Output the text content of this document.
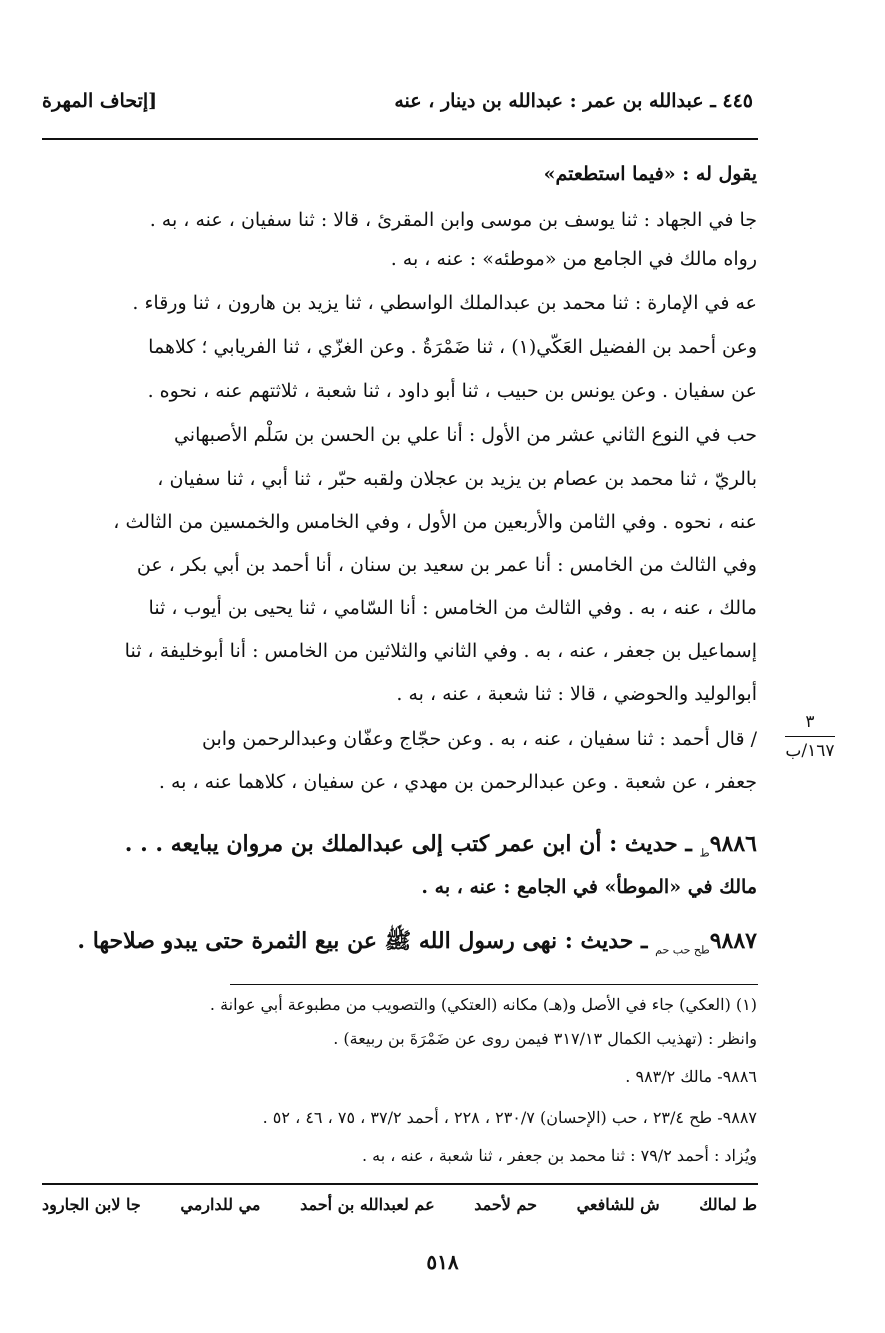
٤٤٥ ـ عبدالله بن عمر : عبدالله بن دينار ، عنه
[إتحاف المهرة
يقول له : «فيما استطعتم»
جا في الجهاد : ثنا يوسف بن موسى وابن المقرئ ، قالا : ثنا سفيان ، عنه ، به .
رواه مالك في الجامع من «موطئه» : عنه ، به .
عه في الإمارة : ثنا محمد بن عبدالملك الواسطي ، ثنا يزيد بن هارون ، ثنا ورقاء .
وعن أحمد بن الفضيل العَكّي(١) ، ثنا ضَمْرَةُ . وعن الغزّي ، ثنا الفريابي ؛ كلاهما
عن سفيان . وعن يونس بن حبيب ، ثنا أبو داود ، ثنا شعبة ، ثلاثتهم عنه ، نحوه .
حب في النوع الثاني عشر من الأول : أنا علي بن الحسن بن سَلْم الأصبهاني
بالريّ ، ثنا محمد بن عصام بن يزيد بن عجلان ولقبه حبّر ، ثنا أبي ، ثنا سفيان ،
عنه ، نحوه . وفي الثامن والأربعين من الأول ، وفي الخامس والخمسين من الثالث ،
وفي الثالث من الخامس : أنا عمر بن سعيد بن سنان ، أنا أحمد بن أبي بكر ، عن
مالك ، عنه ، به . وفي الثالث من الخامس : أنا السّامي ، ثنا يحيى بن أيوب ، ثنا
إسماعيل بن جعفر ، عنه ، به . وفي الثاني والثلاثين من الخامس : أنا أبوخليفة ، ثنا
أبوالوليد والحوضي ، قالا : ثنا شعبة ، عنه ، به .
/ قال أحمد : ثنا سفيان ، عنه ، به . وعن حجّاج وعفّان وعبدالرحمن وابن
جعفر ، عن شعبة . وعن عبدالرحمن بن مهدي ، عن سفيان ، كلاهما عنه ، به .
$٩٨٨٦_ط$ ـ حديث : أن ابن عمر كتب إلى عبدالملك بن مروان يبايعه . . .
مالك في «الموطأ» في الجامع : عنه ، به .
$٩٨٨٧_{طح حب حم}$ ـ حديث : نهى رسول الله ﷺ عن بيع الثمرة حتى يبدو صلاحها .
٣
١٦٧/ب
(١) (العكي) جاء في الأصل و(هـ) مكانه (العتكي) والتصويب من مطبوعة أبي عوانة .
وانظر : (تهذيب الكمال ٣١٧/١٣ فيمن روى عن ضَمْرَةَ بن ربيعة) .
٩٨٨٦- مالك ٩٨٣/٢ .
٩٨٨٧- طح ٢٣/٤ ، حب (الإحسان) ٢٣٠/٧ ، ٢٢٨ ، أحمد ٣٧/٢ ، ٧٥ ، ٤٦ ، ٥٢ .
ويُزاد : أحمد ٧٩/٢ : ثنا محمد بن جعفر ، ثنا شعبة ، عنه ، به .
ط لمالك
ش للشافعي
حم لأحمد
عم لعبدالله بن أحمد
مي للدارمي
جا لابن الجارود
٥١٨
